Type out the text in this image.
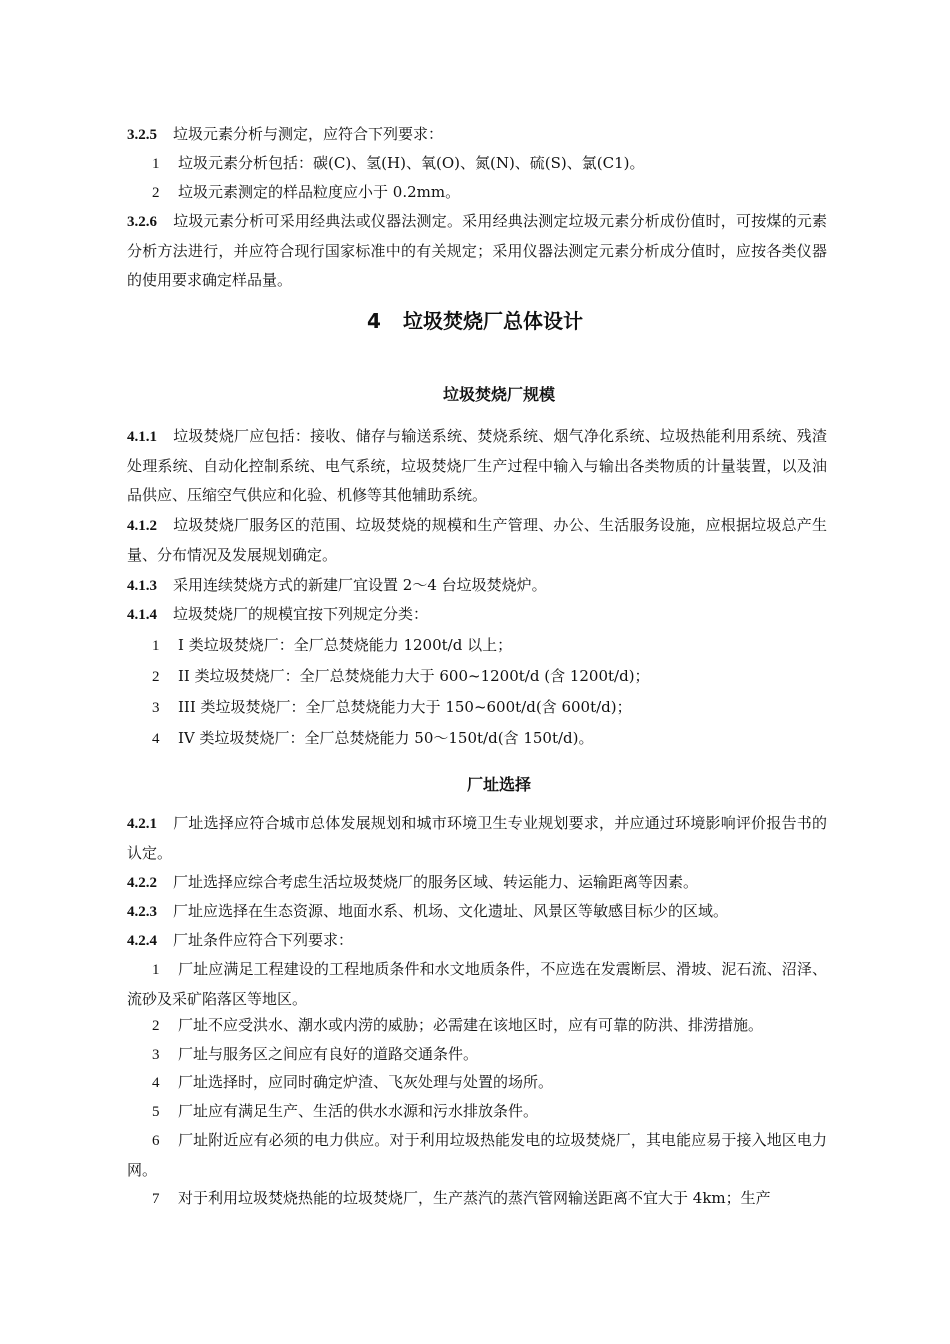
3.2.5 垃圾元素分析与测定，应符合下列要求：

1 垃圾元素分析包括：碳(C)、氢(H)、氧(O)、氮(N)、硫(S)、氯(C1)。

2 垃圾元素测定的样品粒度应小于 0.2mm。

3.2.6 垃圾元素分析可采用经典法或仪器法测定。采用经典法测定垃圾元素分析成份值时，可按煤的元素分析方法进行，并应符合现行国家标准中的有关规定；采用仪器法测定元素分析成分值时，应按各类仪器的使用要求确定样品量。

4 垃圾焚烧厂总体设计
垃圾焚烧厂规模

4.1.1 垃圾焚烧厂应包括：接收、储存与输送系统、焚烧系统、烟气净化系统、垃圾热能利用系统、残渣处理系统、自动化控制系统、电气系统，垃圾焚烧厂生产过程中输入与输出各类物质的计量装置，以及油品供应、压缩空气供应和化验、机修等其他辅助系统。

4.1.2 垃圾焚烧厂服务区的范围、垃圾焚烧的规模和生产管理、办公、生活服务设施，应根据垃圾总产生量、分布情况及发展规划确定。

4.1.3 采用连续焚烧方式的新建厂宜设置 2～4 台垃圾焚烧炉。

4.1.4 垃圾焚烧厂的规模宜按下列规定分类：

1 I 类垃圾焚烧厂：全厂总焚烧能力 1200t/d 以上；

2 II 类垃圾焚烧厂：全厂总焚烧能力大于 600~1200t/d (含 1200t/d)；

3 III 类垃圾焚烧厂：全厂总焚烧能力大于 150~600t/d(含 600t/d)；

4 IV 类垃圾焚烧厂：全厂总焚烧能力 50～150t/d(含 150t/d)。

厂址选择

4.2.1 厂址选择应符合城市总体发展规划和城市环境卫生专业规划要求，并应通过环境影响评价报告书的认定。

4.2.2 厂址选择应综合考虑生活垃圾焚烧厂的服务区域、转运能力、运输距离等因素。

4.2.3 厂址应选择在生态资源、地面水系、机场、文化遗址、风景区等敏感目标少的区域。

4.2.4 厂址条件应符合下列要求：

1 厂址应满足工程建设的工程地质条件和水文地质条件，不应选在发震断层、滑坡、泥石流、沼泽、流砂及采矿陷落区等地区。

2 厂址不应受洪水、潮水或内涝的威胁；必需建在该地区时，应有可靠的防洪、排涝措施。

3 厂址与服务区之间应有良好的道路交通条件。

4 厂址选择时，应同时确定炉渣、飞灰处理与处置的场所。

5 厂址应有满足生产、生活的供水水源和污水排放条件。

6 厂址附近应有必须的电力供应。对于利用垃圾热能发电的垃圾焚烧厂，其电能应易于接入地区电力网。

7 对于利用垃圾焚烧热能的垃圾焚烧厂，生产蒸汽的蒸汽管网输送距离不宜大于 4km；生产
